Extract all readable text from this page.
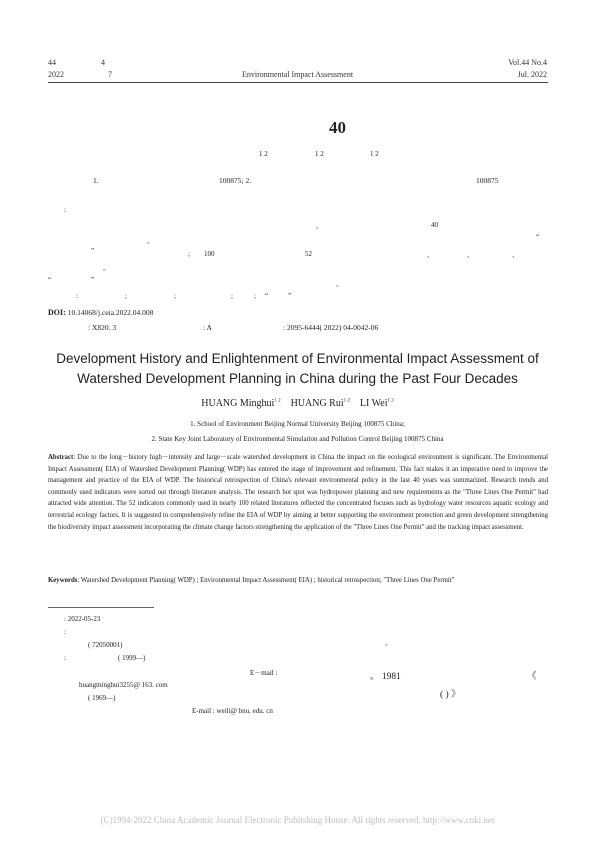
44	4
2022	7
Vol.44 No.4
Environmental Impact Assessment	Jul. 2022
40
1 2	1 2	1 2
1.	100875; 2.	100875
:
。	40
“
”
。
; 100	52	、	、	、
。
“	”	。
:	;	;	;	; “	”
DOI: 10.14068/j.ceia.2022.04.008
: X820. 3	: A	: 2095-6444( 2022) 04-0042-06
Development History and Enlightenment of Environmental Impact Assessment of
Watershed Development Planning in China during the Past Four Decades
HUANG Minghui$^{1 2}$ HUANG Rui$^{1 2}$ LI Wei$^{1 2}$
1. School of Environment Beijing Normal University Beijing 100875 China;
2. State Key Joint Laboratory of Environmental Simulation and Pollution Control Beijing 100875 China
Abstract: Due to the long－history high－intensity and large－scale watershed development in China the impact on the ecological environment is significant. The Environmental Impact Assessment( EIA) of Watershed Development Planning( WDP) has entered the stage of improvement and refinement. This fact makes it an imperative need to improve the management and practice of the EIA of WDP. The historical retrospection of China's relevant environmental policy in the last 40 years was summarized. Research trends and commonly used indicators were sorted out through literature analysis. The research hot spot was hydropower planning and new requirements as the "Three Lines One Permit" had attracted wide attention. The 52 indicators commonly used in nearly 100 related literatures reflected the concentrated focuses such as hydrology water resources aquatic ecology and terrestrial ecology factors. It is suggested to comprehensively refine the EIA of WDP by aiming at better supporting the environment protection and green development strengthening the biodiversity impact assessment incorporating the climate change factors strengthening the application of the "Three Lines One Permit" and the tracking impact assessment.
Keywords: Watershed Development Planning( WDP) ; Environmental Impact Assessment( EIA) ; historical retrospection; "Three Lines One Permit"
: 2022-05-23
:
( 72050001)	。
:	( 1999—)
E－mail :	。 1981	《
huangminghui3255@ 163. com
( 1969—)	( ) 》
E-mail : weili@ bnu. edu. cn
(C)1994-2022 China Academic Journal Electronic Publishing House. All rights reserved. http://www.cnki.net
